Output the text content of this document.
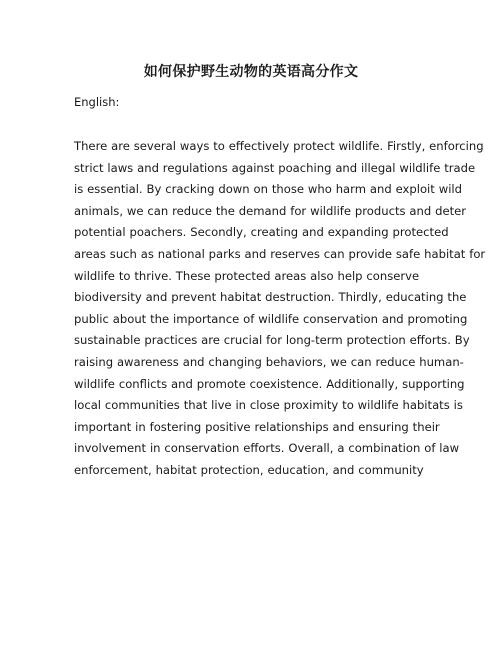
如何保护野生动物的英语高分作文

English:

There are several ways to effectively protect wildlife. Firstly, enforcing
strict laws and regulations against poaching and illegal wildlife trade
is essential. By cracking down on those who harm and exploit wild
animals, we can reduce the demand for wildlife products and deter
potential poachers. Secondly, creating and expanding protected
areas such as national parks and reserves can provide safe habitat for
wildlife to thrive. These protected areas also help conserve
biodiversity and prevent habitat destruction. Thirdly, educating the
public about the importance of wildlife conservation and promoting
sustainable practices are crucial for long-term protection efforts. By
raising awareness and changing behaviors, we can reduce human-
wildlife conflicts and promote coexistence. Additionally, supporting
local communities that live in close proximity to wildlife habitats is
important in fostering positive relationships and ensuring their
involvement in conservation efforts. Overall, a combination of law
enforcement, habitat protection, education, and community
